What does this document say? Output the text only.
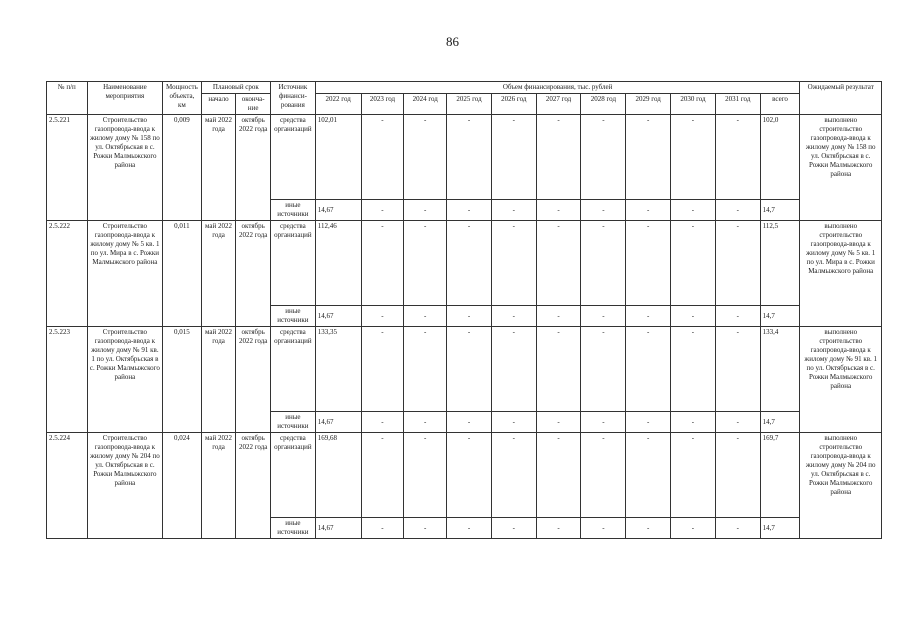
86
№ п/п	Наименование мероприятия	Мощность объекта, км	Плановый срок		Источник финанси-рования	Объем финансирования, тыс. рублей											Ожидаемый результат
			начало	оконча-ние		2022 год	2023 год	2024 год	2025 год	2026 год	2027 год	2028 год	2029 год	2030 год	2031 год	всего	

2.5.221	Строительство газопровода-ввода к жилому дому № 158 по ул. Октябрьская в с. Рожки Малмыжского района	0,009	май 2022 года	октябрь 2022 года	средства организаций	102,01	-	-	-	-	-	-	-	-	-	102,0	выполнено строительство газопровода-ввода к жилому дому № 158 по ул. Октябрьская в с. Рожки Малмыжского района
					иные источники	14,67	-	-	-	-	-	-	-	-	-	14,7	
2.5.222	Строительство газопровода-ввода к жилому дому № 5 кв. 1 по ул. Мира в с. Рожки Малмыжского района	0,011	май 2022 года	октябрь 2022 года	средства организаций	112,46	-	-	-	-	-	-	-	-	-	112,5	выполнено строительство газопровода-ввода к жилому дому № 5 кв. 1 по ул. Мира в с. Рожки Малмыжского района
					иные источники	14,67	-	-	-	-	-	-	-	-	-	14,7	
2.5.223	Строительство газопровода-ввода к жилому дому № 91 кв. 1 по ул. Октябрьская в с. Рожки Малмыжского района	0,015	май 2022 года	октябрь 2022 года	средства организаций	133,35	-	-	-	-	-	-	-	-	-	133,4	выполнено строительство газопровода-ввода к жилому дому № 91 кв. 1 по ул. Октябрьская в с. Рожки Малмыжского района
					иные источники	14,67	-	-	-	-	-	-	-	-	-	14,7	
2.5.224	Строительство газопровода-ввода к жилому дому № 204 по ул. Октябрьская в с. Рожки Малмыжского района	0,024	май 2022 года	октябрь 2022 года	средства организаций	169,68	-	-	-	-	-	-	-	-	-	169,7	выполнено строительство газопровода-ввода к жилому дому № 204 по ул. Октябрьская в с. Рожки Малмыжского района
					иные источники	14,67	-	-	-	-	-	-	-	-	-	14,7	
